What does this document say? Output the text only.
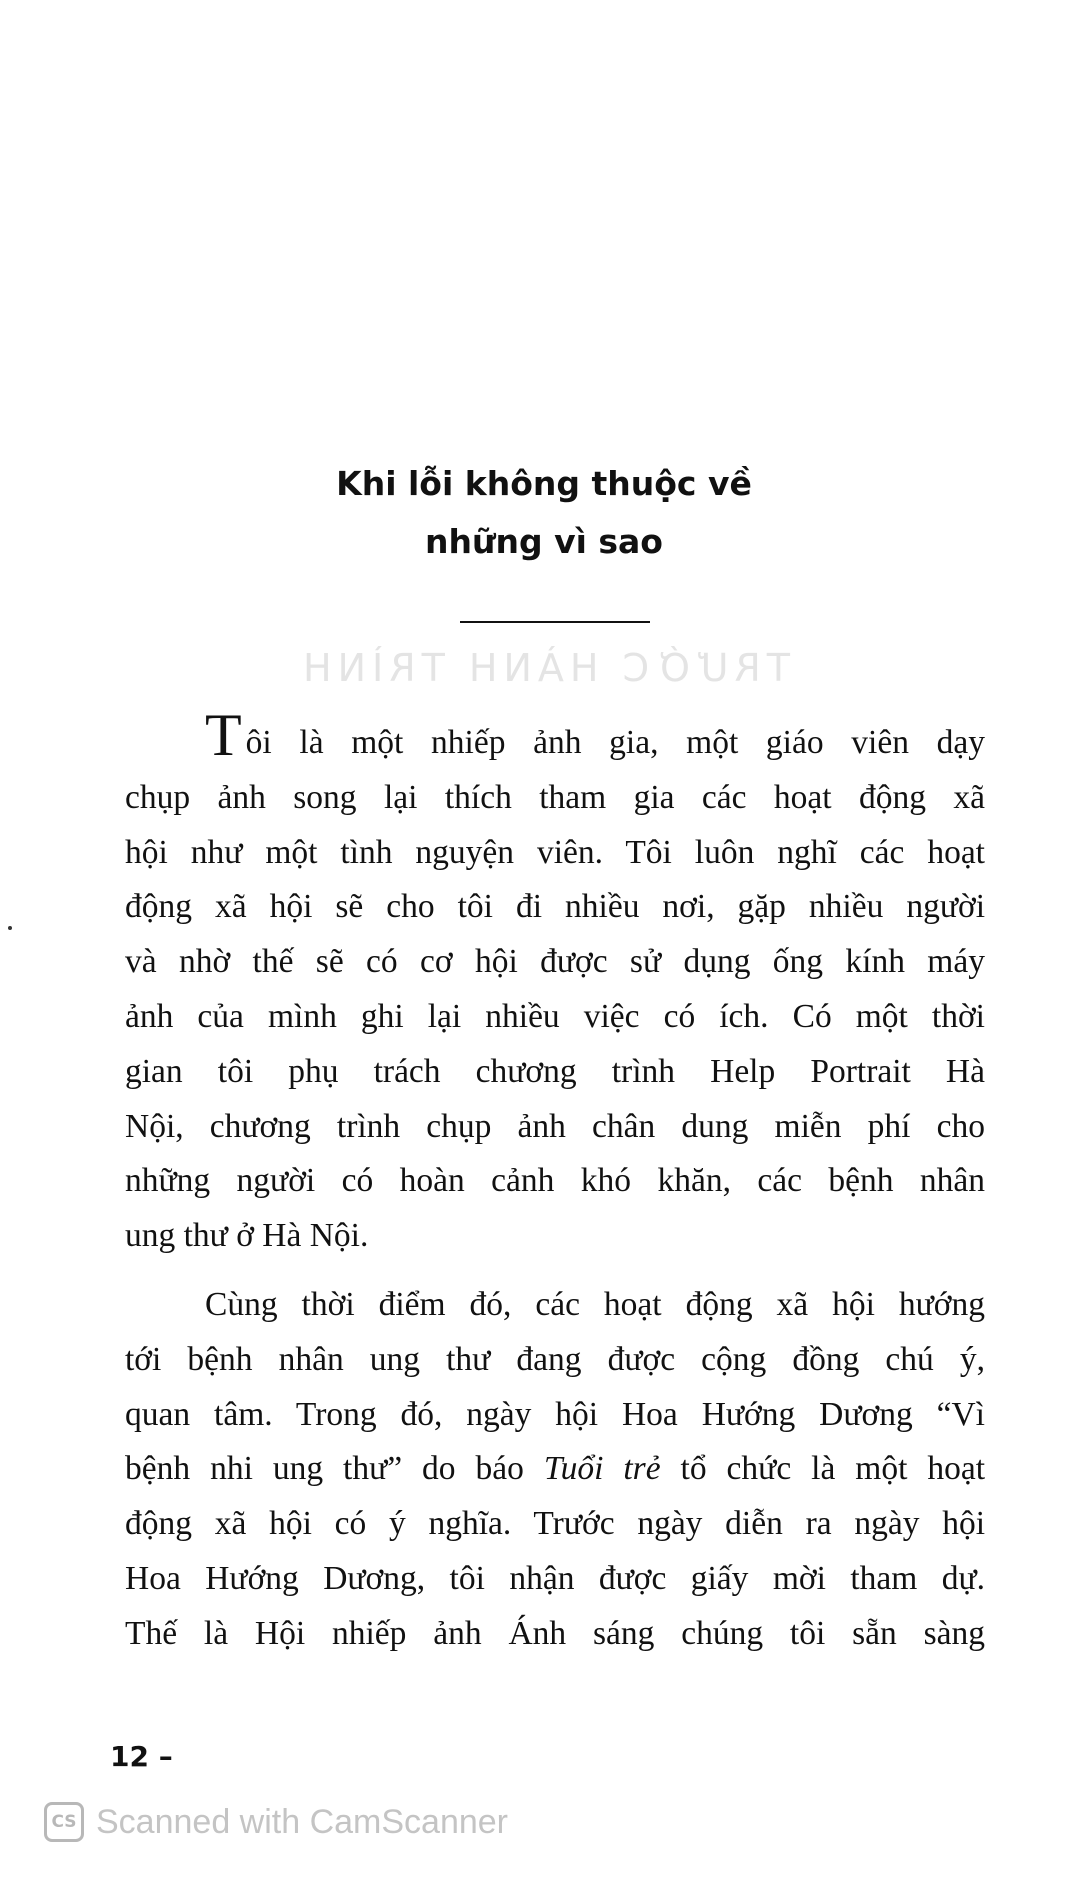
Khi lỗi không thuộc về
những vì sao
TRƯỚC HÀNH TRÌNH
Tôi là một nhiếp ảnh gia, một giáo viên dạy
chụp ảnh song lại thích tham gia các hoạt động xã
hội như một tình nguyện viên. Tôi luôn nghĩ các hoạt
động xã hội sẽ cho tôi đi nhiều nơi, gặp nhiều người
và nhờ thế sẽ có cơ hội được sử dụng ống kính máy
ảnh của mình ghi lại nhiều việc có ích. Có một thời
gian tôi phụ trách chương trình Help Portrait Hà
Nội, chương trình chụp ảnh chân dung miễn phí cho
những người có hoàn cảnh khó khăn, các bệnh nhân
ung thư ở Hà Nội.
Cùng thời điểm đó, các hoạt động xã hội hướng
tới bệnh nhân ung thư đang được cộng đồng chú ý,
quan tâm. Trong đó, ngày hội Hoa Hướng Dương “Vì
bệnh nhi ung thư” do báo Tuổi trẻ tổ chức là một hoạt
động xã hội có ý nghĩa. Trước ngày diễn ra ngày hội
Hoa Hướng Dương, tôi nhận được giấy mời tham dự.
Thế là Hội nhiếp ảnh Ánh sáng chúng tôi sẵn sàng
12 –
CS Scanned with CamScanner
